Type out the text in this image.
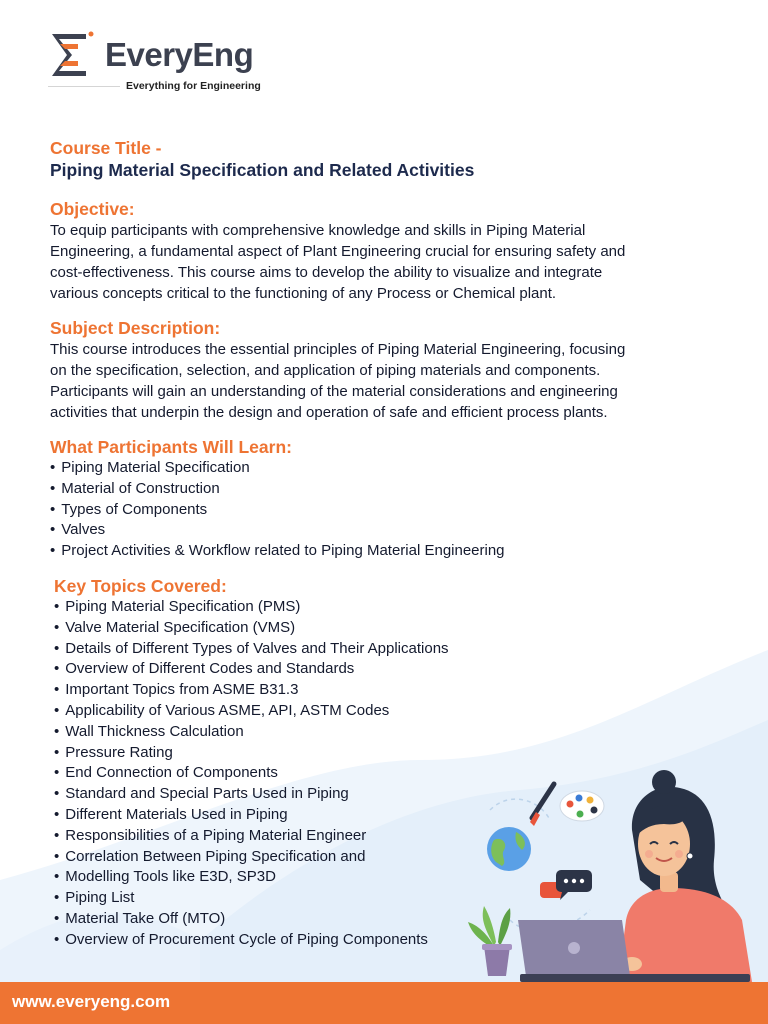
EveryEng
Everything for Engineering
Course Title -
Piping Material Specification and Related Activities
Objective:
To equip participants with comprehensive knowledge and skills in Piping Material
Engineering, a fundamental aspect of Plant Engineering crucial for ensuring safety and
cost-effectiveness. This course aims to develop the ability to visualize and integrate
various concepts critical to the functioning of any Process or Chemical plant.
Subject Description:
This course introduces the essential principles of Piping Material Engineering, focusing
on the specification, selection, and application of piping materials and components.
Participants will gain an understanding of the material considerations and engineering
activities that underpin the design and operation of safe and efficient process plants.
What Participants Will Learn:
• Piping Material Specification
• Material of Construction
• Types of Components
• Valves
• Project Activities & Workflow related to Piping Material Engineering
Key Topics Covered:
• Piping Material Specification (PMS)
• Valve Material Specification (VMS)
• Details of Different Types of Valves and Their Applications
• Overview of Different Codes and Standards
• Important Topics from ASME B31.3
• Applicability of Various ASME, API, ASTM Codes
• Wall Thickness Calculation
• Pressure Rating
• End Connection of Components
• Standard and Special Parts Used in Piping
• Different Materials Used in Piping
• Responsibilities of a Piping Material Engineer
• Correlation Between Piping Specification and
• Modelling Tools like E3D, SP3D
• Piping List
• Material Take Off (MTO)
• Overview of Procurement Cycle of Piping Components
www.everyeng.com
